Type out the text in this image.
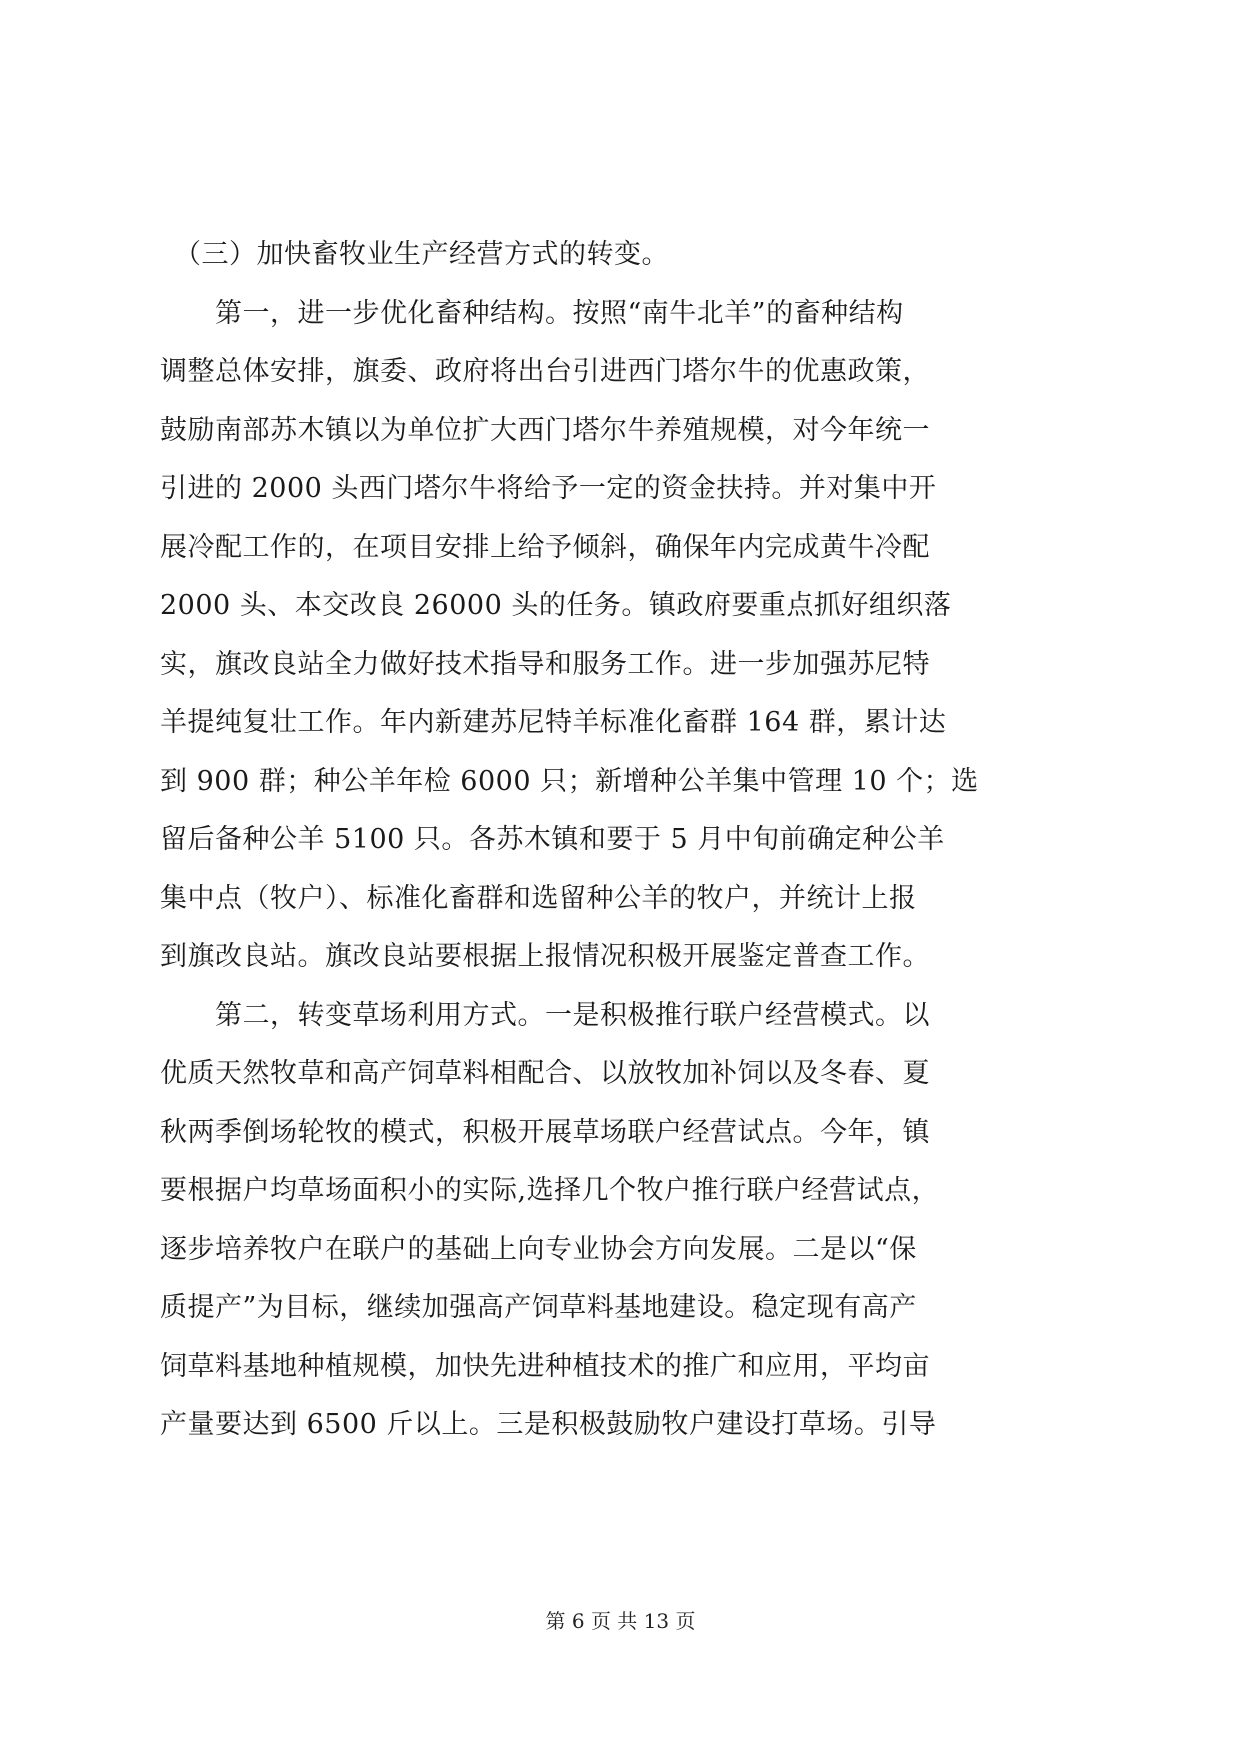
　（三）加快畜牧业生产经营方式的转变。
　　第一，进一步优化畜种结构。按照“南牛北羊”的畜种结构
调整总体安排，旗委、政府将出台引进西门塔尔牛的优惠政策，
鼓励南部苏木镇以为单位扩大西门塔尔牛养殖规模，对今年统一
引进的 2000 头西门塔尔牛将给予一定的资金扶持。并对集中开
展冷配工作的，在项目安排上给予倾斜，确保年内完成黄牛冷配
2000 头、本交改良 26000 头的任务。镇政府要重点抓好组织落
实，旗改良站全力做好技术指导和服务工作。进一步加强苏尼特
羊提纯复壮工作。年内新建苏尼特羊标准化畜群 164 群，累计达
到 900 群；种公羊年检 6000 只；新增种公羊集中管理 10 个；选
留后备种公羊 5100 只。各苏木镇和要于 5 月中旬前确定种公羊
集中点（牧户）、标准化畜群和选留种公羊的牧户，并统计上报
到旗改良站。旗改良站要根据上报情况积极开展鉴定普查工作。
　　第二，转变草场利用方式。一是积极推行联户经营模式。以
优质天然牧草和高产饲草料相配合、以放牧加补饲以及冬春、夏
秋两季倒场轮牧的模式，积极开展草场联户经营试点。今年，镇
要根据户均草场面积小的实际,选择几个牧户推行联户经营试点，
逐步培养牧户在联户的基础上向专业协会方向发展。二是以“保
质提产”为目标，继续加强高产饲草料基地建设。稳定现有高产
饲草料基地种植规模，加快先进种植技术的推广和应用，平均亩
产量要达到 6500 斤以上。三是积极鼓励牧户建设打草场。引导
第 6 页 共 13 页
